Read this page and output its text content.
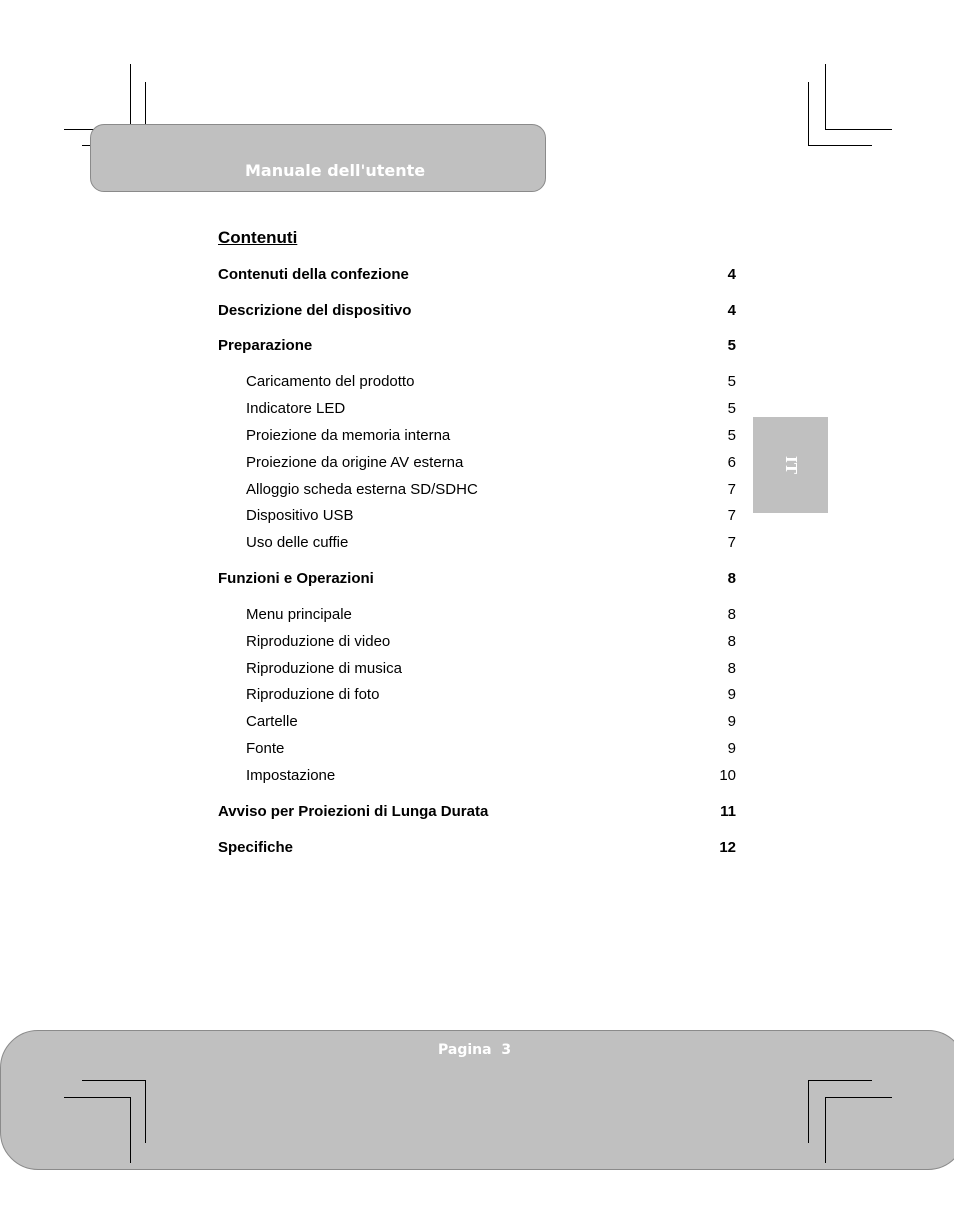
Manuale dell'utente
IT
Contenuti
Contenuti della confezione	4
Descrizione del dispositivo	4
Preparazione	5
Caricamento del prodotto	5
Indicatore LED	5
Proiezione da memoria interna	5
Proiezione da origine AV esterna	6
Alloggio scheda esterna SD/SDHC	7
Dispositivo USB	7
Uso delle cuffie	7
Funzioni e Operazioni	8
Menu principale	8
Riproduzione di video	8
Riproduzione di musica	8
Riproduzione di foto	9
Cartelle	9
Fonte	9
Impostazione	10
Avviso per Proiezioni di Lunga Durata	11
Specifiche	12
Pagina  3
